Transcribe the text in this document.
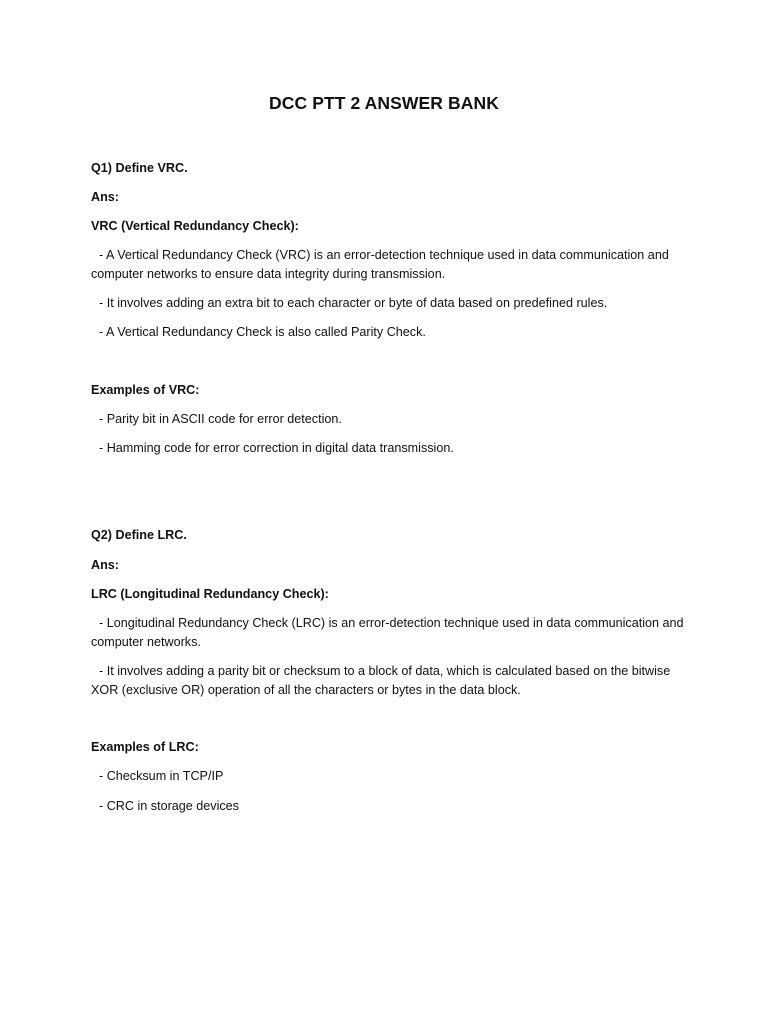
DCC PTT 2 ANSWER BANK

Q1) Define VRC.

Ans:

VRC (Vertical Redundancy Check):

- A Vertical Redundancy Check (VRC) is an error-detection technique used in data communication and computer networks to ensure data integrity during transmission.

- It involves adding an extra bit to each character or byte of data based on predefined rules.

- A Vertical Redundancy Check is also called Parity Check.

Examples of VRC:

- Parity bit in ASCII code for error detection.

- Hamming code for error correction in digital data transmission.

Q2) Define LRC.

Ans:

LRC (Longitudinal Redundancy Check):

- Longitudinal Redundancy Check (LRC) is an error-detection technique used in data communication and computer networks.

- It involves adding a parity bit or checksum to a block of data, which is calculated based on the bitwise XOR (exclusive OR) operation of all the characters or bytes in the data block.

Examples of LRC:

- Checksum in TCP/IP

- CRC in storage devices
